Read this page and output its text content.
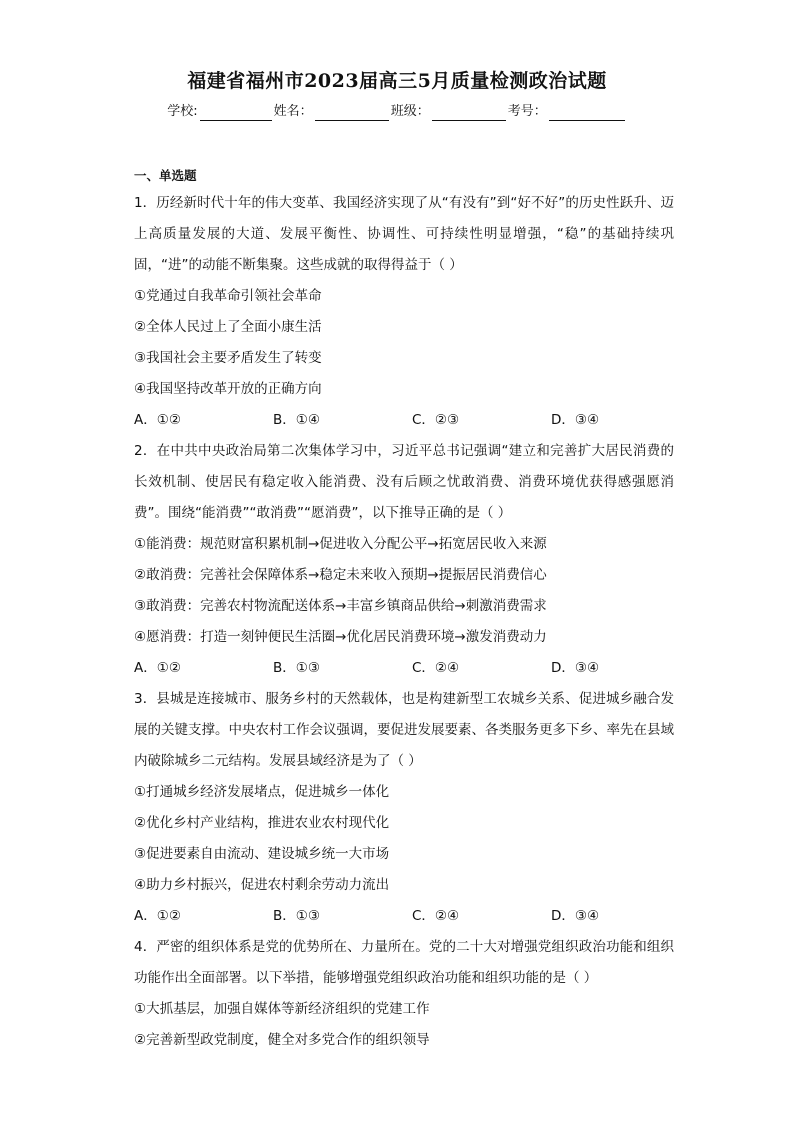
福建省福州市2023届高三5月质量检测政治试题
学校:	姓名：	班级：	考号：
一、单选题

1．历经新时代十年的伟大变革、我国经济实现了从“有没有”到“好不好”的历史性跃升、迈上高质量发展的大道、发展平衡性、协调性、可持续性明显增强，“稳”的基础持续巩固，“进”的动能不断集聚。这些成就的取得得益于（ ）

①党通过自我革命引领社会革命

②全体人民过上了全面小康生活

③我国社会主要矛盾发生了转变

④我国坚持改革开放的正确方向

A．①②	B．①④	C．②③	D．③④

2．在中共中央政治局第二次集体学习中，习近平总书记强调“建立和完善扩大居民消费的长效机制、使居民有稳定收入能消费、没有后顾之忧敢消费、消费环境优获得感强愿消费”。围绕“能消费”“敢消费”“愿消费”，以下推导正确的是（ ）

①能消费：规范财富积累机制→促进收入分配公平→拓宽居民收入来源

②敢消费：完善社会保障体系→稳定未来收入预期→提振居民消费信心

③敢消费：完善农村物流配送体系→丰富乡镇商品供给→刺激消费需求

④愿消费：打造一刻钟便民生活圈→优化居民消费环境→激发消费动力

A．①②	B．①③	C．②④	D．③④

3．县城是连接城市、服务乡村的天然载体，也是构建新型工农城乡关系、促进城乡融合发展的关键支撑。中央农村工作会议强调，要促进发展要素、各类服务更多下乡、率先在县域内破除城乡二元结构。发展县域经济是为了（ ）

①打通城乡经济发展堵点，促进城乡一体化

②优化乡村产业结构，推进农业农村现代化

③促进要素自由流动、建设城乡统一大市场

④助力乡村振兴，促进农村剩余劳动力流出

A．①②	B．①③	C．②④	D．③④

4．严密的组织体系是党的优势所在、力量所在。党的二十大对增强党组织政治功能和组织功能作出全面部署。以下举措，能够增强党组织政治功能和组织功能的是（ ）

①大抓基层，加强自媒体等新经济组织的党建工作

②完善新型政党制度，健全对多党合作的组织领导
